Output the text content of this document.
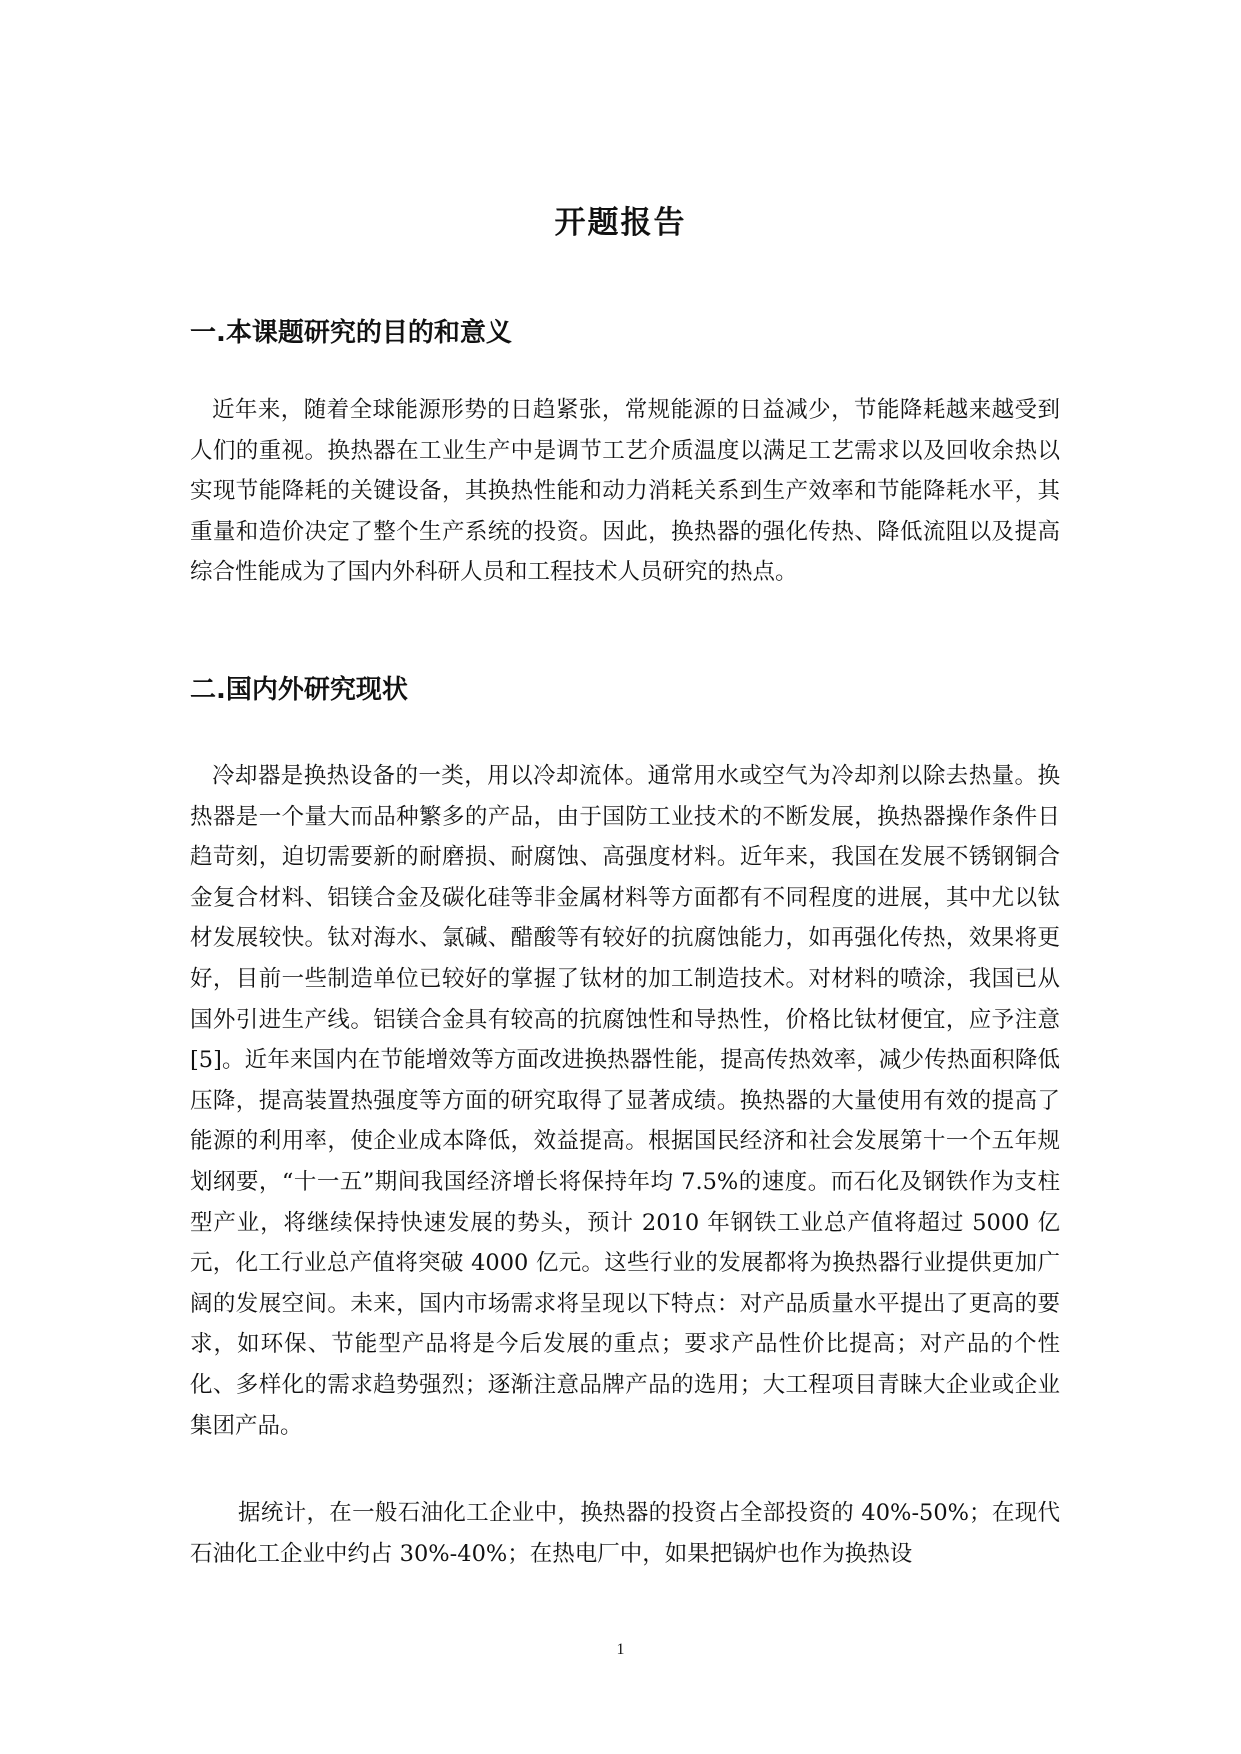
开题报告
一.本课题研究的目的和意义

近年来，随着全球能源形势的日趋紧张，常规能源的日益减少，节能降耗越来越受到人们的重视。换热器在工业生产中是调节工艺介质温度以满足工艺需求以及回收余热以实现节能降耗的关键设备，其换热性能和动力消耗关系到生产效率和节能降耗水平，其重量和造价决定了整个生产系统的投资。因此，换热器的强化传热、降低流阻以及提高综合性能成为了国内外科研人员和工程技术人员研究的热点。

二.国内外研究现状

冷却器是换热设备的一类，用以冷却流体。通常用水或空气为冷却剂以除去热量。换热器是一个量大而品种繁多的产品，由于国防工业技术的不断发展，换热器操作条件日趋苛刻，迫切需要新的耐磨损、耐腐蚀、高强度材料。近年来，我国在发展不锈钢铜合金复合材料、铝镁合金及碳化硅等非金属材料等方面都有不同程度的进展，其中尤以钛材发展较快。钛对海水、氯碱、醋酸等有较好的抗腐蚀能力，如再强化传热，效果将更好，目前一些制造单位已较好的掌握了钛材的加工制造技术。对材料的喷涂，我国已从国外引进生产线。铝镁合金具有较高的抗腐蚀性和导热性，价格比钛材便宜，应予注意[5]。近年来国内在节能增效等方面改进换热器性能，提高传热效率，减少传热面积降低压降，提高装置热强度等方面的研究取得了显著成绩。换热器的大量使用有效的提高了能源的利用率，使企业成本降低，效益提高。根据国民经济和社会发展第十一个五年规划纲要，“十一五”期间我国经济增长将保持年均 7.5%的速度。而石化及钢铁作为支柱型产业，将继续保持快速发展的势头，预计 2010 年钢铁工业总产值将超过 5000 亿元，化工行业总产值将突破 4000 亿元。这些行业的发展都将为换热器行业提供更加广阔的发展空间。未来，国内市场需求将呈现以下特点：对产品质量水平提出了更高的要求，如环保、节能型产品将是今后发展的重点；要求产品性价比提高；对产品的个性化、多样化的需求趋势强烈；逐渐注意品牌产品的选用；大工程项目青睐大企业或企业集团产品。

据统计，在一般石油化工企业中，换热器的投资占全部投资的 40%-50%；在现代石油化工企业中约占 30%-40%；在热电厂中，如果把锅炉也作为换热设

1
